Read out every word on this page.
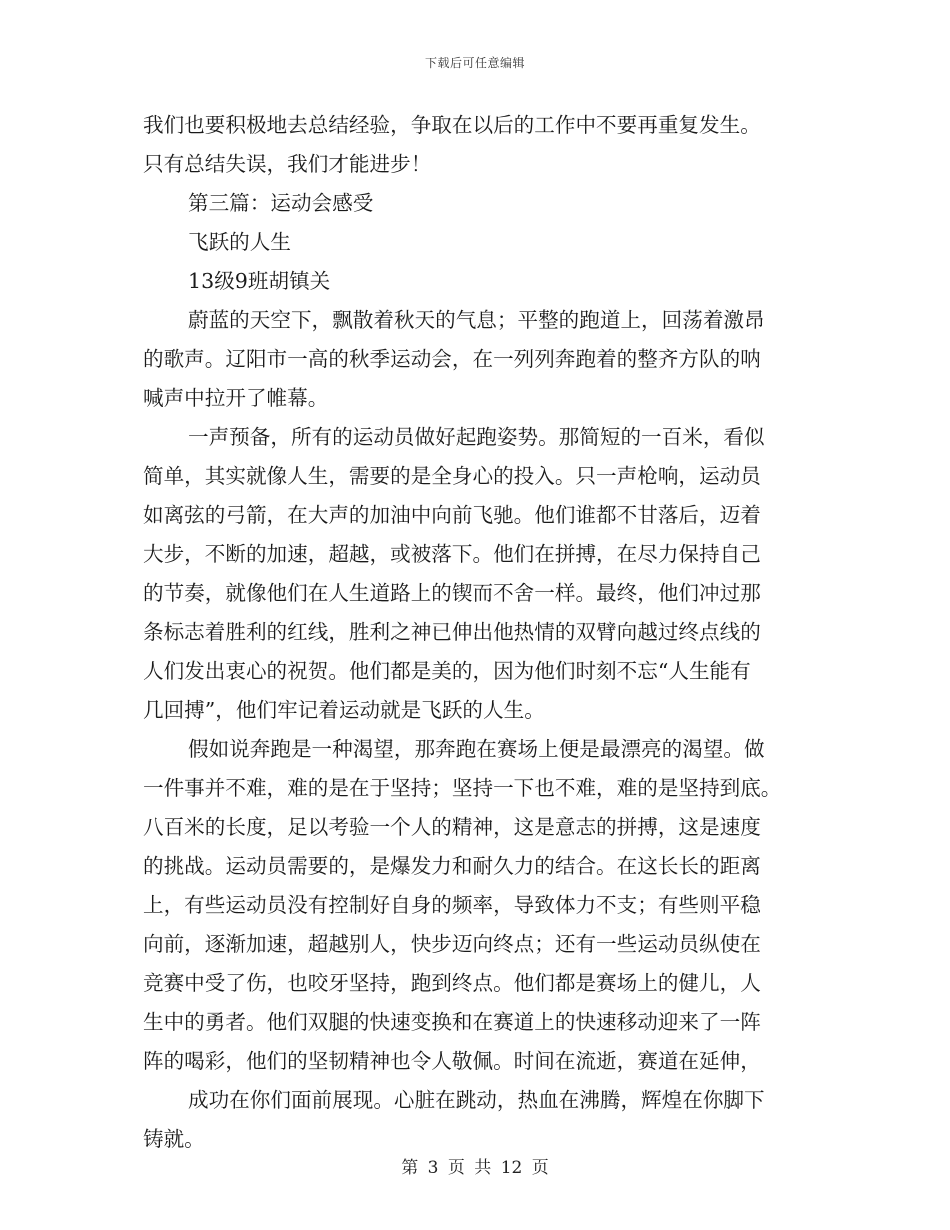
下载后可任意编辑
我们也要积极地去总结经验，争取在以后的工作中不要再重复发生。
只有总结失误，我们才能进步！
第三篇：运动会感受
飞跃的人生
13级9班胡镇关
蔚蓝的天空下，飘散着秋天的气息；平整的跑道上，回荡着激昂
的歌声。辽阳市一高的秋季运动会，在一列列奔跑着的整齐方队的呐
喊声中拉开了帷幕。
一声预备，所有的运动员做好起跑姿势。那简短的一百米，看似
简单，其实就像人生，需要的是全身心的投入。只一声枪响，运动员
如离弦的弓箭，在大声的加油中向前飞驰。他们谁都不甘落后，迈着
大步，不断的加速，超越，或被落下。他们在拼搏，在尽力保持自己
的节奏，就像他们在人生道路上的锲而不舍一样。最终，他们冲过那
条标志着胜利的红线，胜利之神已伸出他热情的双臂向越过终点线的
人们发出衷心的祝贺。他们都是美的，因为他们时刻不忘“人生能有
几回搏”，他们牢记着运动就是飞跃的人生。
假如说奔跑是一种渴望，那奔跑在赛场上便是最漂亮的渴望。做
一件事并不难，难的是在于坚持；坚持一下也不难，难的是坚持到底。
八百米的长度，足以考验一个人的精神，这是意志的拼搏，这是速度
的挑战。运动员需要的，是爆发力和耐久力的结合。在这长长的距离
上，有些运动员没有控制好自身的频率，导致体力不支；有些则平稳
向前，逐渐加速，超越别人，快步迈向终点；还有一些运动员纵使在
竞赛中受了伤，也咬牙坚持，跑到终点。他们都是赛场上的健儿，人
生中的勇者。他们双腿的快速变换和在赛道上的快速移动迎来了一阵
阵的喝彩，他们的坚韧精神也令人敬佩。时间在流逝，赛道在延伸，
成功在你们面前展现。心脏在跳动，热血在沸腾，辉煌在你脚下
铸就。
第 3 页 共 12 页
